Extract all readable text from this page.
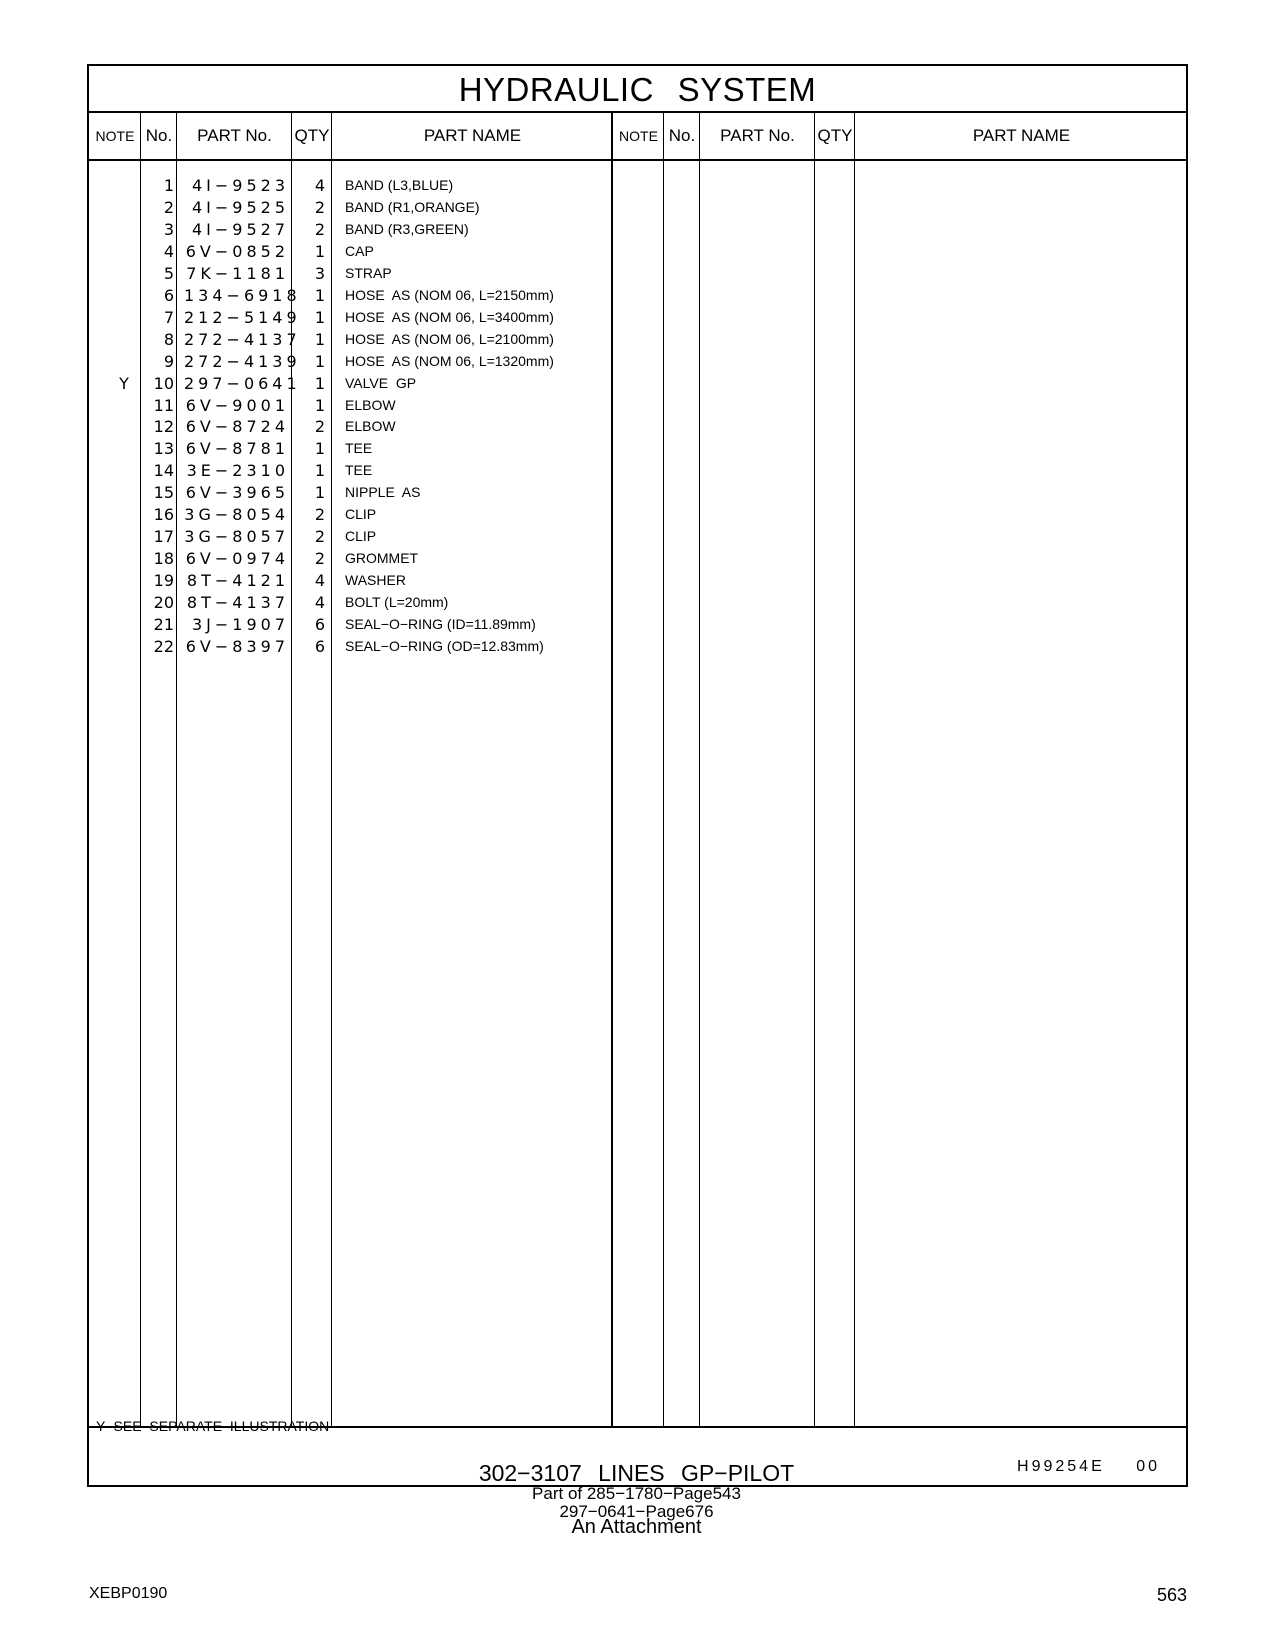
HYDRAULIC SYSTEM
NOTE No.	PART No.	QTY	PART NAME	NOTE No.	PART No.	QTY	PART NAME
1	4I−9523	4 BAND (L3,BLUE)
2	4I−9525	2 BAND (R1,ORANGE)
3	4I−9527	2 BAND (R3,GREEN)
4 6V−0852	1 CAP
5 7K−1181	3 STRAP
6 134−6918 1 HOSE  AS (NOM 06, L=2150mm)
7 212−5149 1 HOSE  AS (NOM 06, L=3400mm)
8 272−4137 1 HOSE  AS (NOM 06, L=2100mm)
9 272−4139 1 HOSE  AS (NOM 06, L=1320mm)
Y	10 297−0641 1 VALVE  GP
11 6V−9001	1 ELBOW
12 6V−8724	2 ELBOW
13 6V−8781	1 TEE
14 3E−2310	1 TEE
15 6V−3965	1 NIPPLE  AS
16 3G−8054	2 CLIP
17 3G−8057	2 CLIP
18 6V−0974	2 GROMMET
19 8T−4121	4 WASHER
20 8T−4137	4 BOLT (L=20mm)
21	3J−1907	6 SEAL−O−RING (ID=11.89mm)
22 6V−8397	6 SEAL−O−RING (OD=12.83mm)
Y−SEE SEPARATE ILLUSTRATION
H99254E 00
302−3107 LINES GP−PILOT
Part of 285−1780−Page543
297−0641−Page676
An Attachment
XEBP0190	563
